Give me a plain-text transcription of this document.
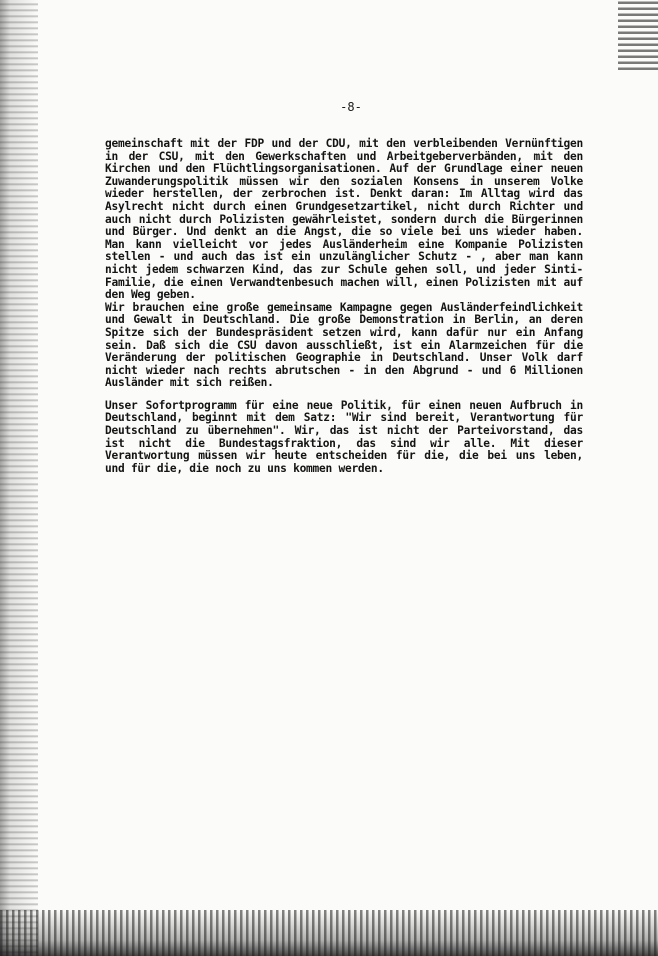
-8-

gemeinschaft mit der FDP und der CDU, mit den verbleibenden Vernünftigen in der CSU, mit den Gewerkschaften und Arbeitgeberverbänden, mit den Kirchen und den Flüchtlingsorganisationen. Auf der Grundlage einer neuen Zuwanderungspolitik müssen wir den sozialen Konsens in unserem Volke wieder herstellen, der zerbrochen ist. Denkt daran: Im Alltag wird das Asylrecht nicht durch einen Grundgesetzartikel, nicht durch Richter und auch nicht durch Polizisten gewährleistet, sondern durch die Bürgerinnen und Bürger. Und denkt an die Angst, die so viele bei uns wieder haben. Man kann vielleicht vor jedes Ausländerheim eine Kompanie Polizisten stellen - und auch das ist ein unzulänglicher Schutz - , aber man kann nicht jedem schwarzen Kind, das zur Schule gehen soll, und jeder Sinti-Familie, die einen Verwandtenbesuch machen will, einen Polizisten mit auf den Weg geben.

Wir brauchen eine große gemeinsame Kampagne gegen Ausländerfeindlichkeit und Gewalt in Deutschland. Die große Demonstration in Berlin, an deren Spitze sich der Bundespräsident setzen wird, kann dafür nur ein Anfang sein. Daß sich die CSU davon ausschließt, ist ein Alarmzeichen für die Veränderung der politischen Geographie in Deutschland. Unser Volk darf nicht wieder nach rechts abrutschen - in den Abgrund - und 6 Millionen Ausländer mit sich reißen.

Unser Sofortprogramm für eine neue Politik, für einen neuen Aufbruch in Deutschland, beginnt mit dem Satz: "Wir sind bereit, Verantwortung für Deutschland zu übernehmen". Wir, das ist nicht der Parteivorstand, das ist nicht die Bundestagsfraktion, das sind wir alle. Mit dieser Verantwortung müssen wir heute entscheiden für die, die bei uns leben, und für die, die noch zu uns kommen werden.
